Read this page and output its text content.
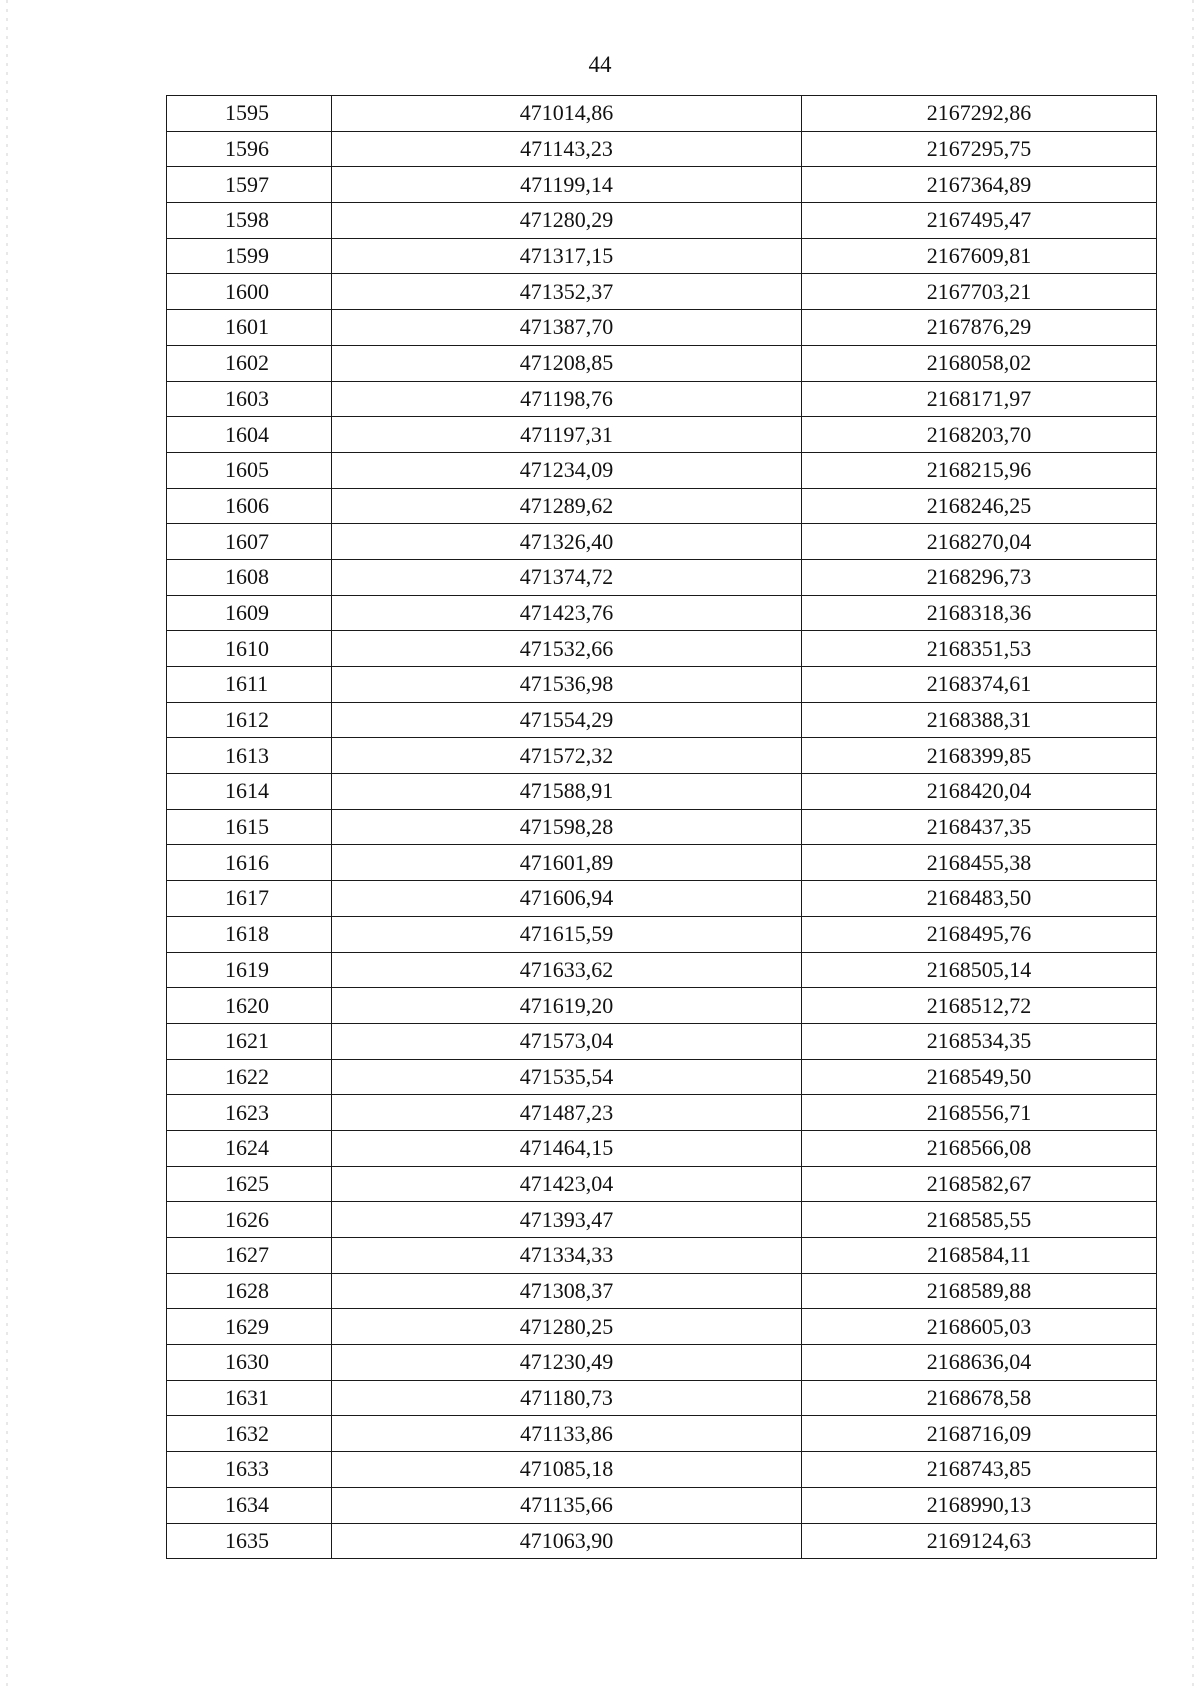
44
1595	471014,86	2167292,86
1596	471143,23	2167295,75
1597	471199,14	2167364,89
1598	471280,29	2167495,47
1599	471317,15	2167609,81
1600	471352,37	2167703,21
1601	471387,70	2167876,29
1602	471208,85	2168058,02
1603	471198,76	2168171,97
1604	471197,31	2168203,70
1605	471234,09	2168215,96
1606	471289,62	2168246,25
1607	471326,40	2168270,04
1608	471374,72	2168296,73
1609	471423,76	2168318,36
1610	471532,66	2168351,53
1611	471536,98	2168374,61
1612	471554,29	2168388,31
1613	471572,32	2168399,85
1614	471588,91	2168420,04
1615	471598,28	2168437,35
1616	471601,89	2168455,38
1617	471606,94	2168483,50
1618	471615,59	2168495,76
1619	471633,62	2168505,14
1620	471619,20	2168512,72
1621	471573,04	2168534,35
1622	471535,54	2168549,50
1623	471487,23	2168556,71
1624	471464,15	2168566,08
1625	471423,04	2168582,67
1626	471393,47	2168585,55
1627	471334,33	2168584,11
1628	471308,37	2168589,88
1629	471280,25	2168605,03
1630	471230,49	2168636,04
1631	471180,73	2168678,58
1632	471133,86	2168716,09
1633	471085,18	2168743,85
1634	471135,66	2168990,13
1635	471063,90	2169124,63
